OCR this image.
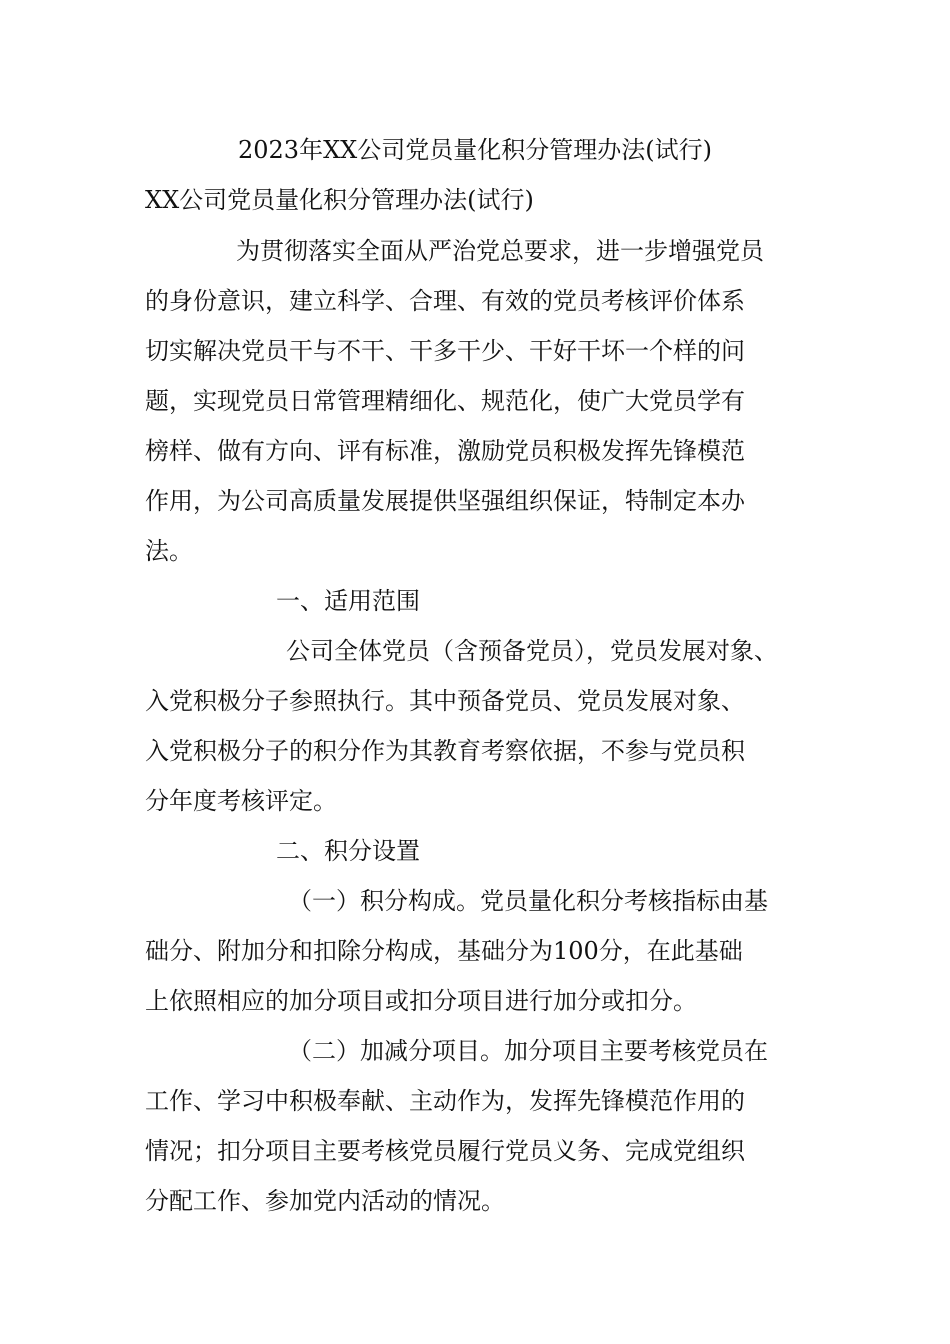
2023年XX公司党员量化积分管理办法(试行)
XX公司党员量化积分管理办法(试行)
为贯彻落实全面从严治党总要求，进一步增强党员
的身份意识，建立科学、合理、有效的党员考核评价体系
切实解决党员干与不干、干多干少、干好干坏一个样的问
题，实现党员日常管理精细化、规范化，使广大党员学有
榜样、做有方向、评有标准，激励党员积极发挥先锋模范
作用，为公司高质量发展提供坚强组织保证，特制定本办
法。
一、适用范围
公司全体党员（含预备党员），党员发展对象、
入党积极分子参照执行。其中预备党员、党员发展对象、
入党积极分子的积分作为其教育考察依据，不参与党员积
分年度考核评定。
二、积分设置
（一）积分构成。党员量化积分考核指标由基
础分、附加分和扣除分构成，基础分为100分，在此基础
上依照相应的加分项目或扣分项目进行加分或扣分。
（二）加减分项目。加分项目主要考核党员在
工作、学习中积极奉献、主动作为，发挥先锋模范作用的
情况；扣分项目主要考核党员履行党员义务、完成党组织
分配工作、参加党内活动的情况。
